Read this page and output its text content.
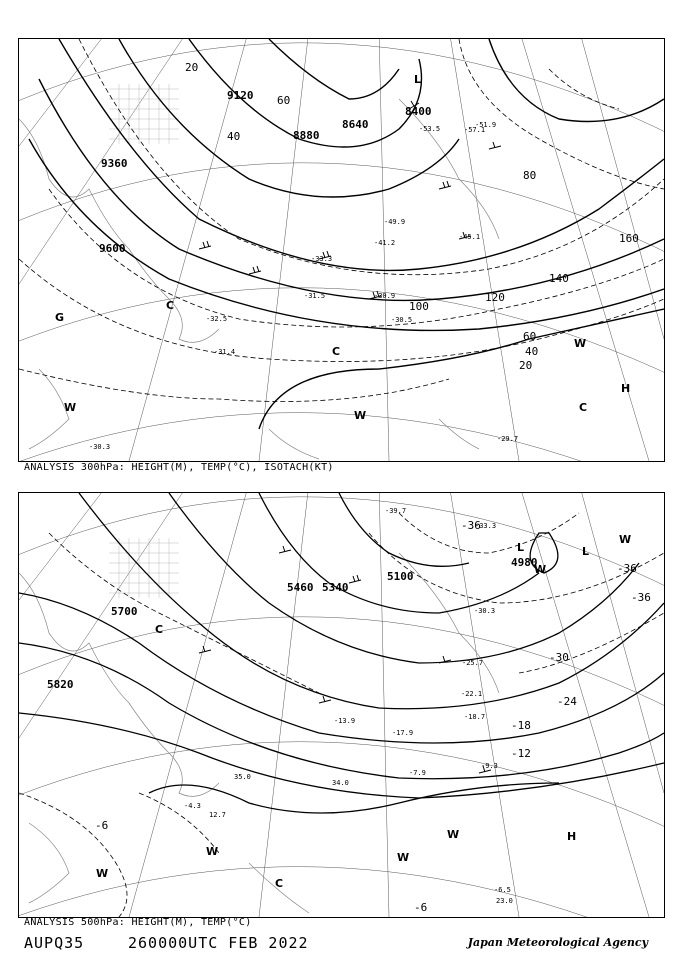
9120
9360
9600
8640
8880
8400
20
40
60
80
100
120
140
160
60
40
20
L
H
C
C
C
W
W
W
G
-57.1
-53.5	-51.9
-49.9
-45.1
-41.2
-33.3
-31.5	-30.9
-30.5
-29.7
-31.4
-32.5
-30.3
ANALYSIS 300hPa: HEIGHT(M), TEMP(°C), ISOTACH(KT)
5700
5820
5460 5340
5100
4980
-36
-36
-36
-30
-24
-18
-12
-6
-6
L	L
H
C
C
W
W
W
W
W
W
-39.7
-33.3
-30.3
-22.1
-18.7
-13.9
-9.3
-7.9
-6.5
-4.3
-17.9
-25.7
35.0
34.0
23.0
12.7
ANALYSIS 500hPa: HEIGHT(M), TEMP(°C)
AUPQ35	260000UTC FEB 2022	Japan Meteorological Agency
